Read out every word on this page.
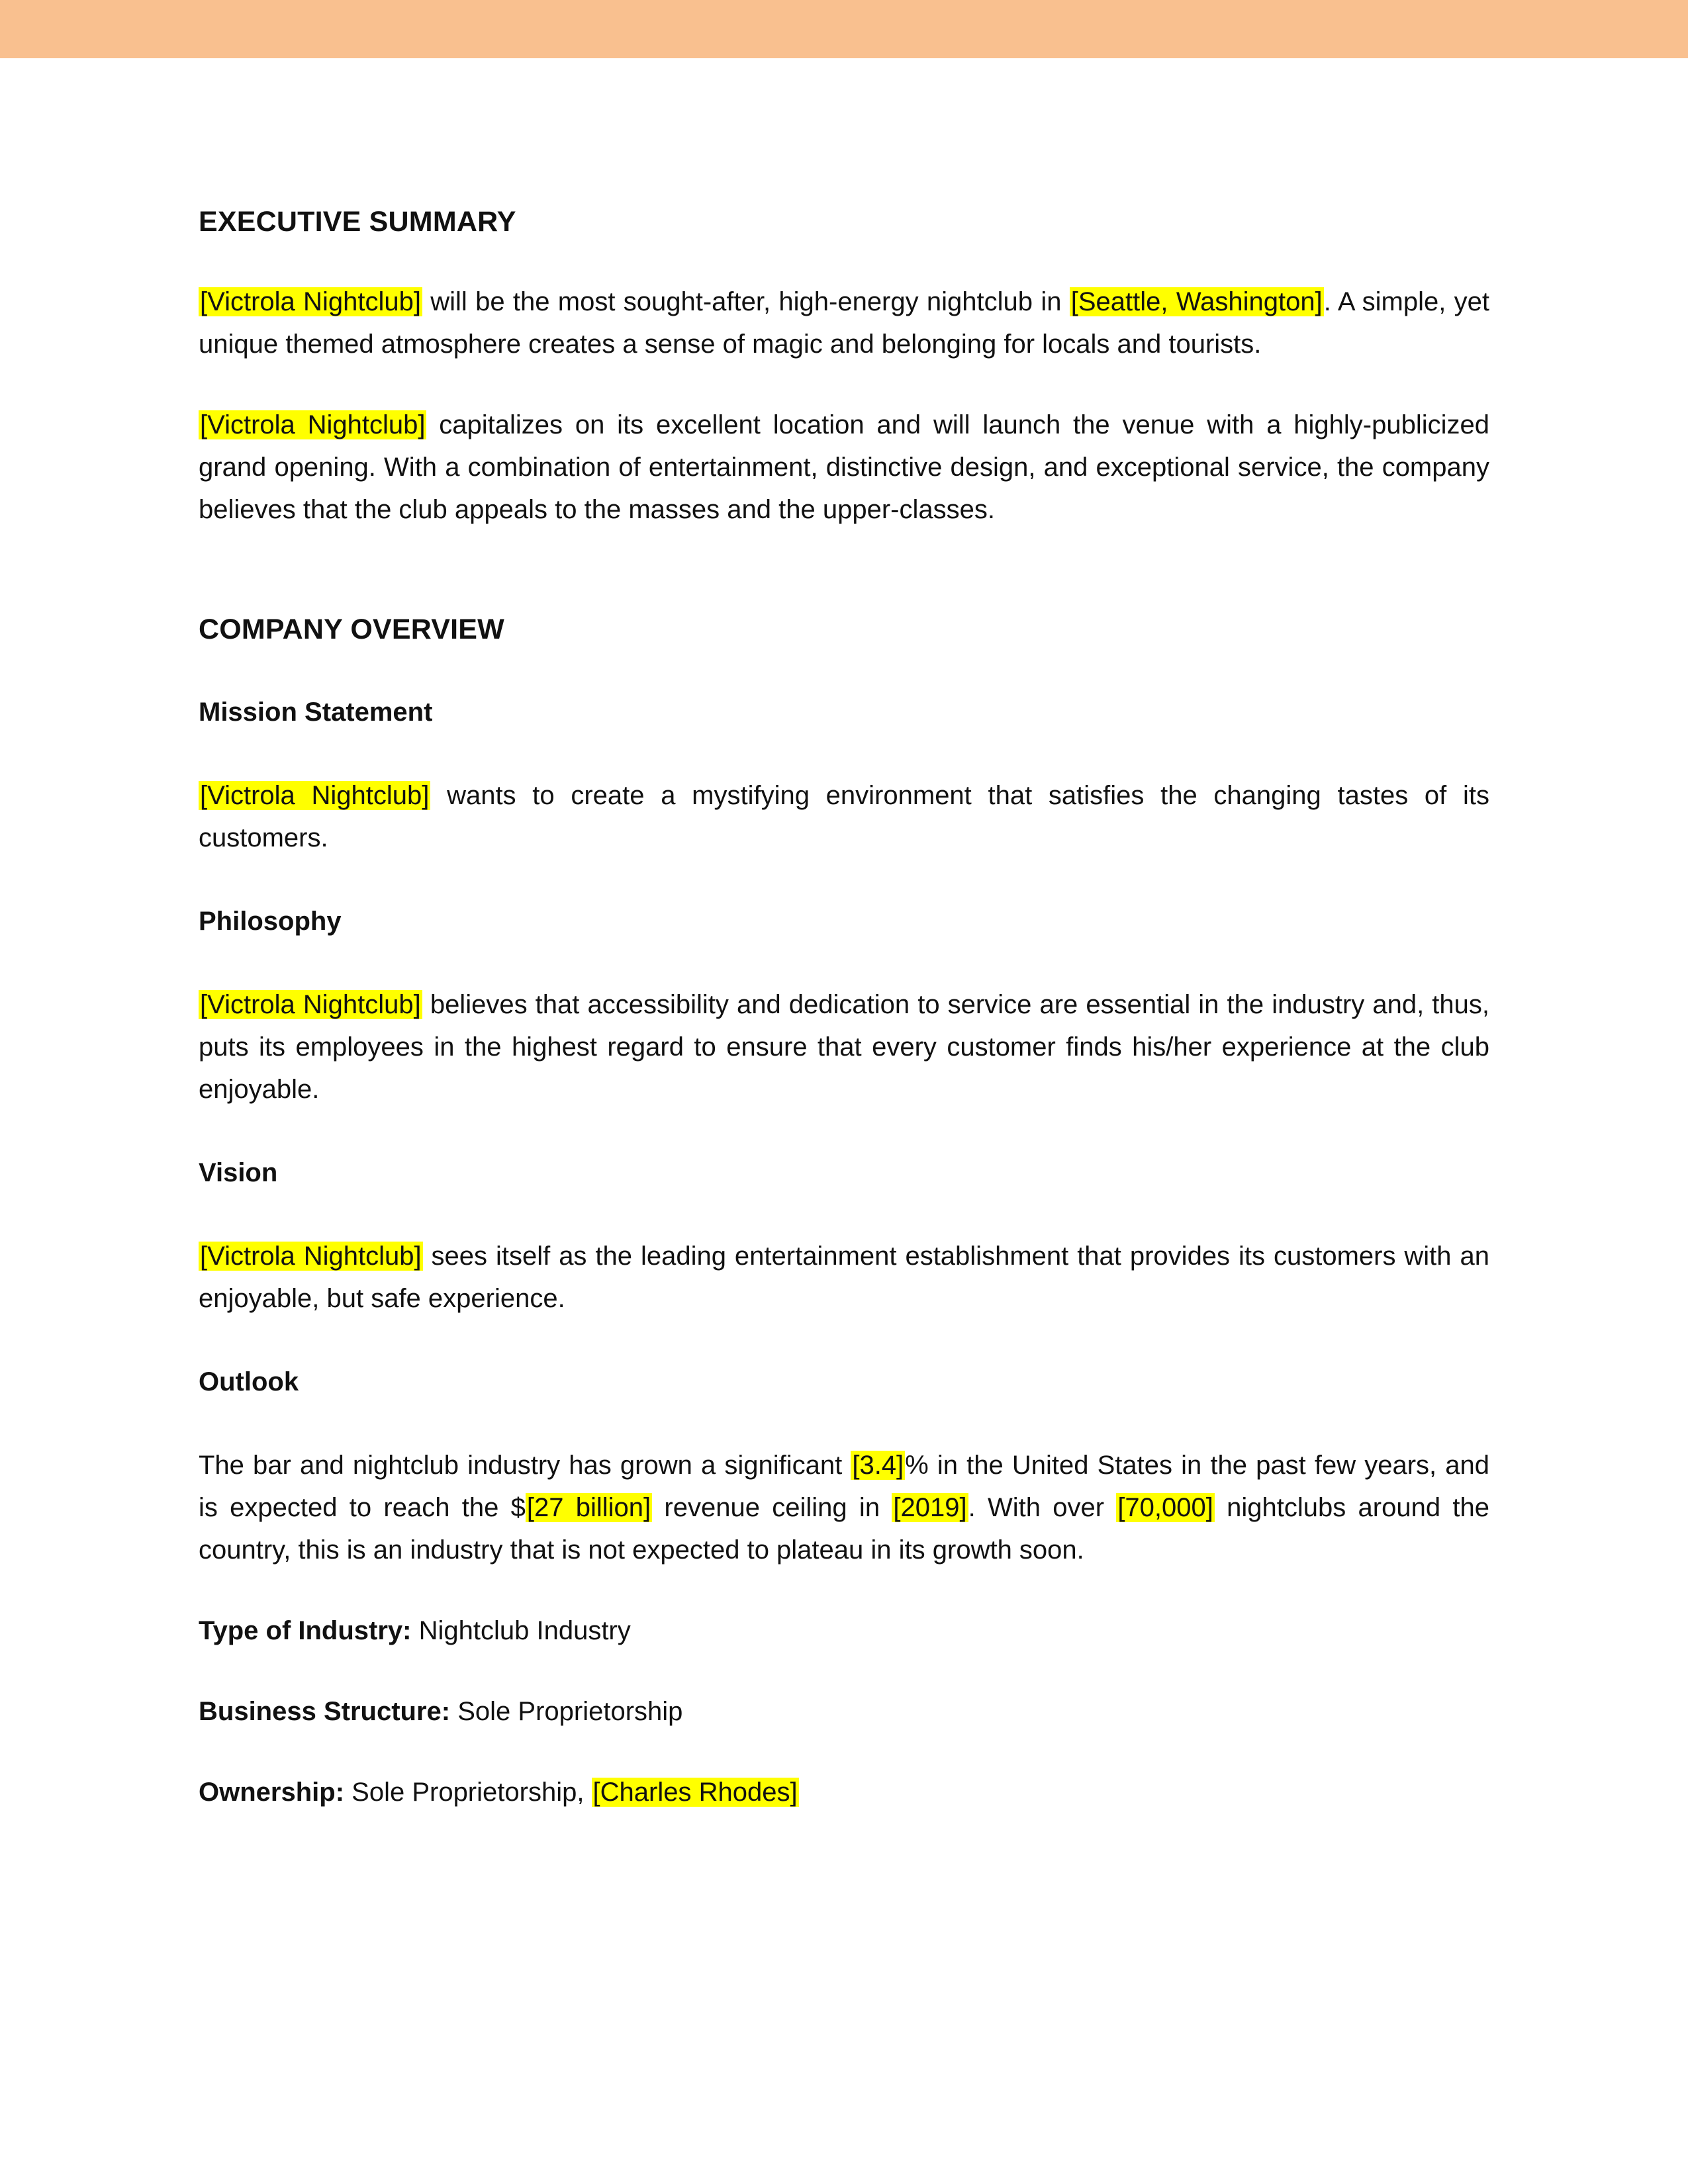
EXECUTIVE SUMMARY

[Victrola Nightclub] will be the most sought-after, high-energy nightclub in [Seattle, Washington]. A simple, yet unique themed atmosphere creates a sense of magic and belonging for locals and tourists.

[Victrola Nightclub] capitalizes on its excellent location and will launch the venue with a highly-publicized grand opening. With a combination of entertainment, distinctive design, and exceptional service, the company believes that the club appeals to the masses and the upper-classes.

COMPANY OVERVIEW
Mission Statement

[Victrola Nightclub] wants to create a mystifying environment that satisfies the changing tastes of its customers.

Philosophy

[Victrola Nightclub] believes that accessibility and dedication to service are essential in the industry and, thus, puts its employees in the highest regard to ensure that every customer finds his/her experience at the club enjoyable.

Vision

[Victrola Nightclub] sees itself as the leading entertainment establishment that provides its customers with an enjoyable, but safe experience.

Outlook

The bar and nightclub industry has grown a significant [3.4]% in the United States in the past few years, and is expected to reach the $[27 billion] revenue ceiling in [2019]. With over [70,000] nightclubs around the country, this is an industry that is not expected to plateau in its growth soon.

Type of Industry: Nightclub Industry

Business Structure: Sole Proprietorship

Ownership: Sole Proprietorship, [Charles Rhodes]
